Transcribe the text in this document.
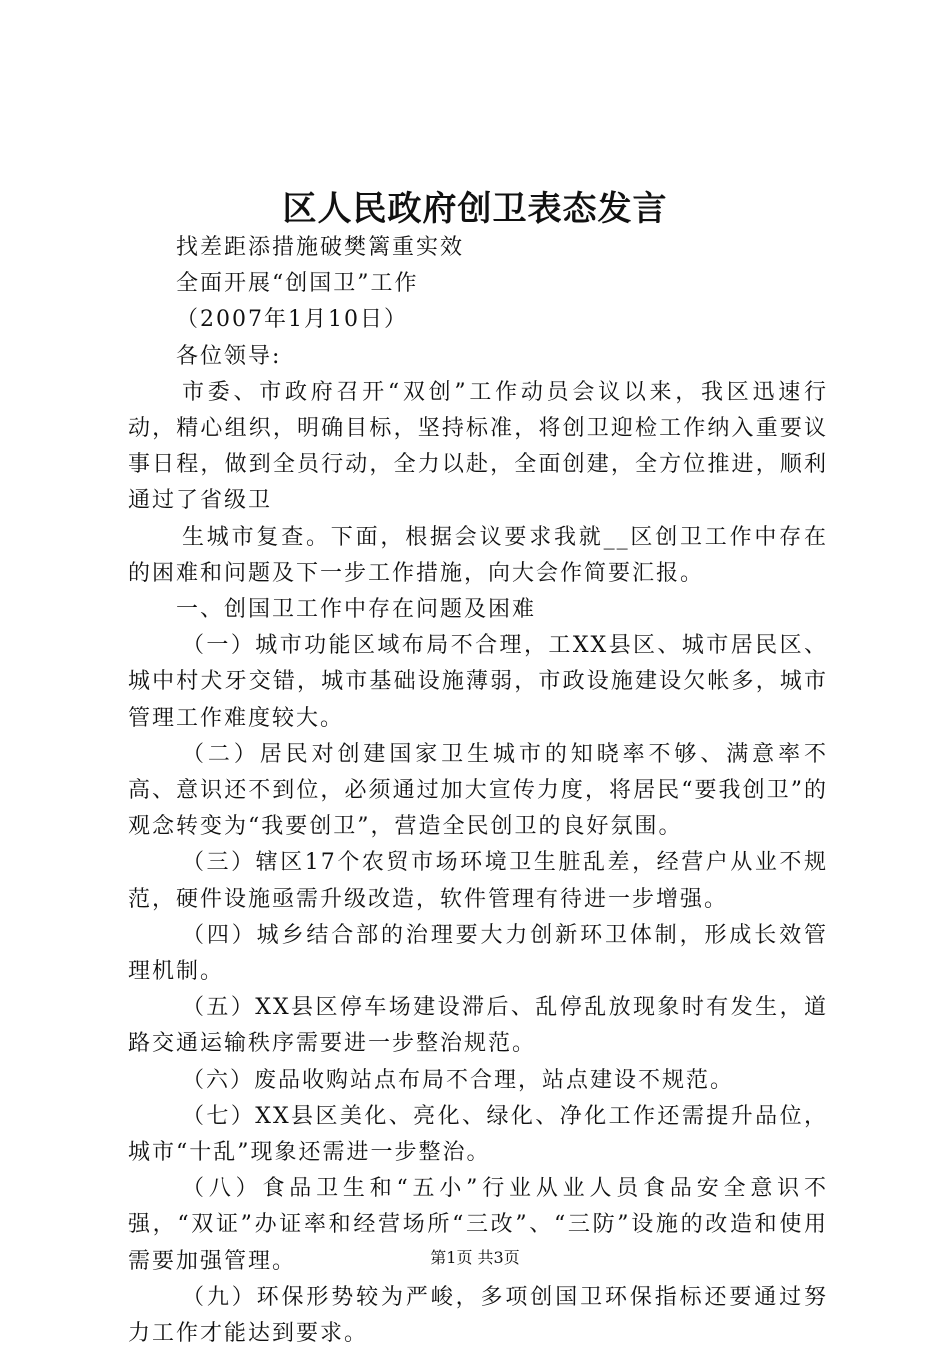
区人民政府创卫表态发言

找差距添措施破樊篱重实效

全面开展“创国卫”工作

（2007年1月10日）

各位领导:

市委、市政府召开“双创”工作动员会议以来，我区迅速行动，精心组织，明确目标，坚持标准，将创卫迎检工作纳入重要议事日程，做到全员行动，全力以赴，全面创建，全方位推进，顺利通过了省级卫

生城市复查。下面，根据会议要求我就__区创卫工作中存在的困难和问题及下一步工作措施，向大会作简要汇报。

一、创国卫工作中存在问题及困难

（一）城市功能区域布局不合理，工XX县区、城市居民区、城中村犬牙交错，城市基础设施薄弱，市政设施建设欠帐多，城市管理工作难度较大。

（二）居民对创建国家卫生城市的知晓率不够、满意率不高、意识还不到位，必须通过加大宣传力度，将居民“要我创卫”的观念转变为“我要创卫”，营造全民创卫的良好氛围。

（三）辖区17个农贸市场环境卫生脏乱差，经营户从业不规范，硬件设施亟需升级改造，软件管理有待进一步增强。

（四）城乡结合部的治理要大力创新环卫体制，形成长效管理机制。

（五）XX县区停车场建设滞后、乱停乱放现象时有发生，道路交通运输秩序需要进一步整治规范。

（六）废品收购站点布局不合理，站点建设不规范。

（七）XX县区美化、亮化、绿化、净化工作还需提升品位，城市“十乱”现象还需进一步整治。

（八）食品卫生和“五小”行业从业人员食品安全意识不强，“双证”办证率和经营场所“三改”、“三防”设施的改造和使用需要加强管理。

（九）环保形势较为严峻，多项创国卫环保指标还要通过努力工作才能达到要求。

第1页 共3页
